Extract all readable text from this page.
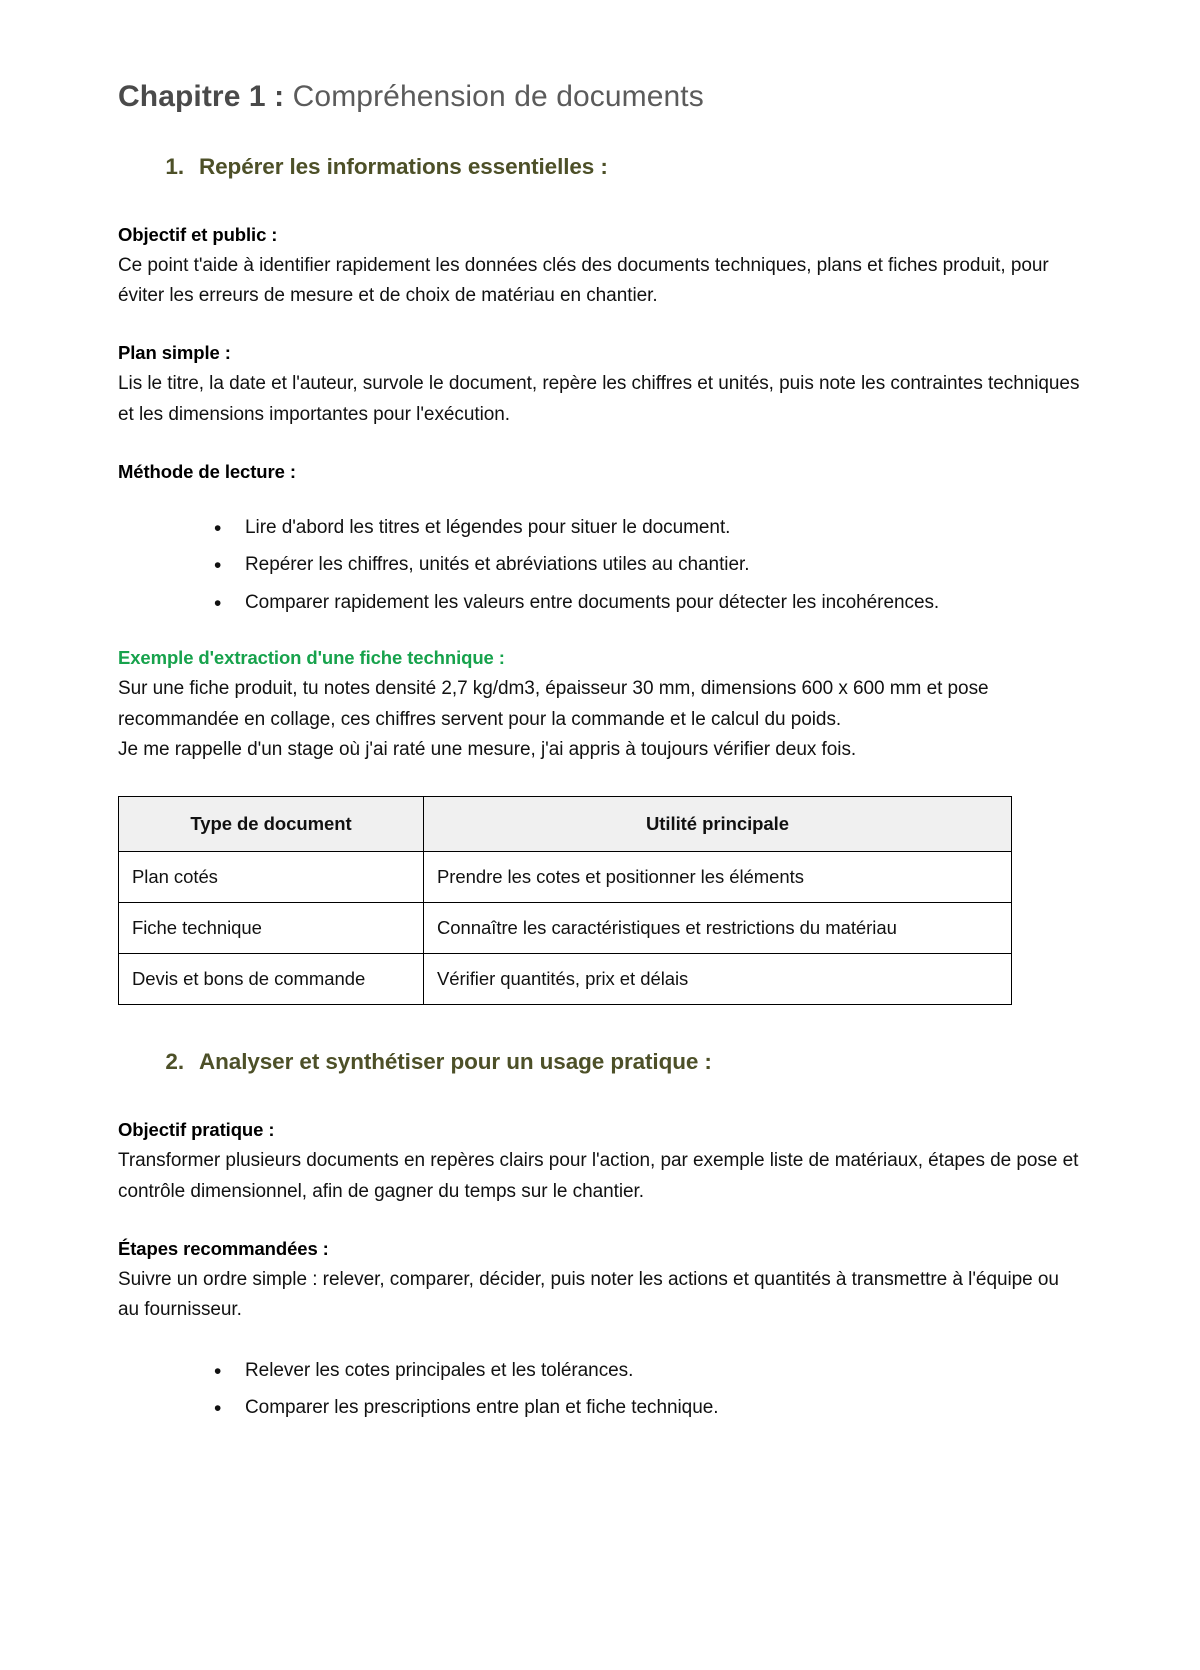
Chapitre 1 : Compréhension de documents
1. Repérer les informations essentielles :
Objectif et public :

Ce point t'aide à identifier rapidement les données clés des documents techniques, plans et fiches produit, pour éviter les erreurs de mesure et de choix de matériau en chantier.

Plan simple :

Lis le titre, la date et l'auteur, survole le document, repère les chiffres et unités, puis note les contraintes techniques et les dimensions importantes pour l'exécution.

Méthode de lecture :
• Lire d'abord les titres et légendes pour situer le document.
• Repérer les chiffres, unités et abréviations utiles au chantier.
• Comparer rapidement les valeurs entre documents pour détecter les incohérences.
Exemple d'extraction d'une fiche technique :

Sur une fiche produit, tu notes densité 2,7 kg/dm3, épaisseur 30 mm, dimensions 600 x 600 mm et pose recommandée en collage, ces chiffres servent pour la commande et le calcul du poids.

Je me rappelle d'un stage où j'ai raté une mesure, j'ai appris à toujours vérifier deux fois.

Type de document	Utilité principale
Plan cotés	Prendre les cotes et positionner les éléments
Fiche technique	Connaître les caractéristiques et restrictions du matériau
Devis et bons de commande	Vérifier quantités, prix et délais
2. Analyser et synthétiser pour un usage pratique :
Objectif pratique :

Transformer plusieurs documents en repères clairs pour l'action, par exemple liste de matériaux, étapes de pose et contrôle dimensionnel, afin de gagner du temps sur le chantier.

Étapes recommandées :

Suivre un ordre simple : relever, comparer, décider, puis noter les actions et quantités à transmettre à l'équipe ou au fournisseur.

• Relever les cotes principales et les tolérances.
• Comparer les prescriptions entre plan et fiche technique.
